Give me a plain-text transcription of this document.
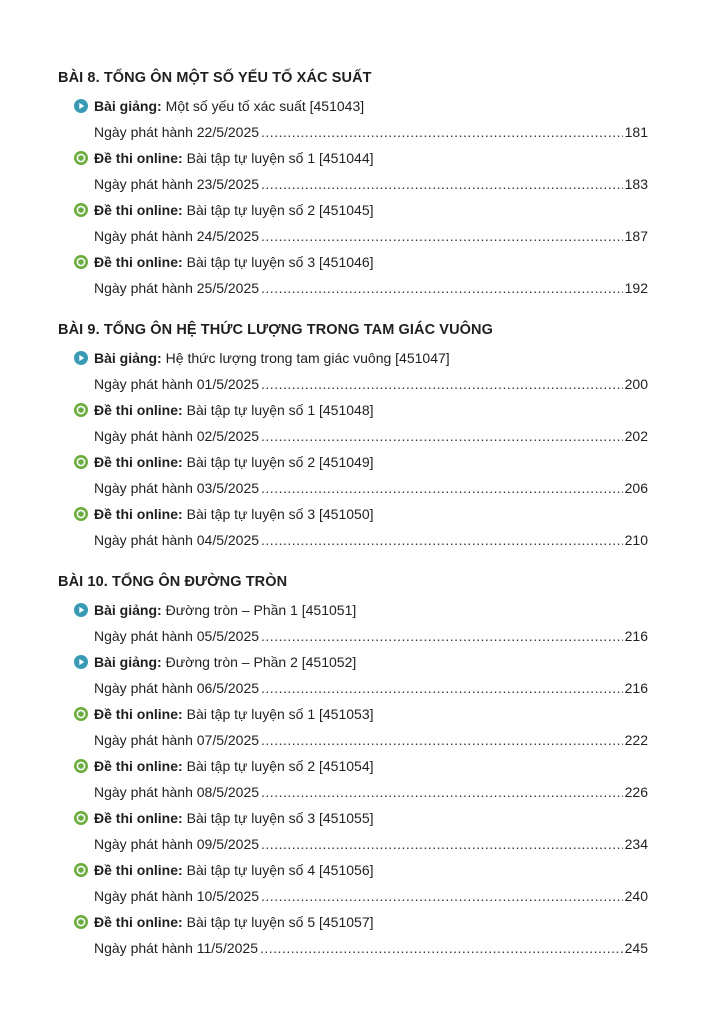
BÀI 8. TỔNG ÔN MỘT SỐ YẾU TỐ XÁC SUẤT
Bài giảng: Một số yếu tố xác suất [451043]
Ngày phát hành 22/5/2025 .....	181
Đề thi online: Bài tập tự luyện số 1 [451044]
Ngày phát hành 23/5/2025 .....	183
Đề thi online: Bài tập tự luyện số 2 [451045]
Ngày phát hành 24/5/2025 .....	187
Đề thi online: Bài tập tự luyện số 3 [451046]
Ngày phát hành 25/5/2025 .....	192
BÀI 9. TỔNG ÔN HỆ THỨC LƯỢNG TRONG TAM GIÁC VUÔNG
Bài giảng: Hệ thức lượng trong tam giác vuông [451047]
Ngày phát hành 01/5/2025 .....	200
Đề thi online: Bài tập tự luyện số 1 [451048]
Ngày phát hành 02/5/2025 .....	202
Đề thi online: Bài tập tự luyện số 2 [451049]
Ngày phát hành 03/5/2025 .....	206
Đề thi online: Bài tập tự luyện số 3 [451050]
Ngày phát hành 04/5/2025 .....	210
BÀI 10. TỔNG ÔN ĐƯỜNG TRÒN
Bài giảng: Đường tròn – Phần 1 [451051]
Ngày phát hành 05/5/2025 .....	216
Bài giảng: Đường tròn – Phần 2 [451052]
Ngày phát hành 06/5/2025 .....	216
Đề thi online: Bài tập tự luyện số 1 [451053]
Ngày phát hành 07/5/2025 .....	222
Đề thi online: Bài tập tự luyện số 2 [451054]
Ngày phát hành 08/5/2025 .....	226
Đề thi online: Bài tập tự luyện số 3 [451055]
Ngày phát hành 09/5/2025 .....	234
Đề thi online: Bài tập tự luyện số 4 [451056]
Ngày phát hành 10/5/2025 .....	240
Đề thi online: Bài tập tự luyện số 5 [451057]
Ngày phát hành 11/5/2025 .....	245
